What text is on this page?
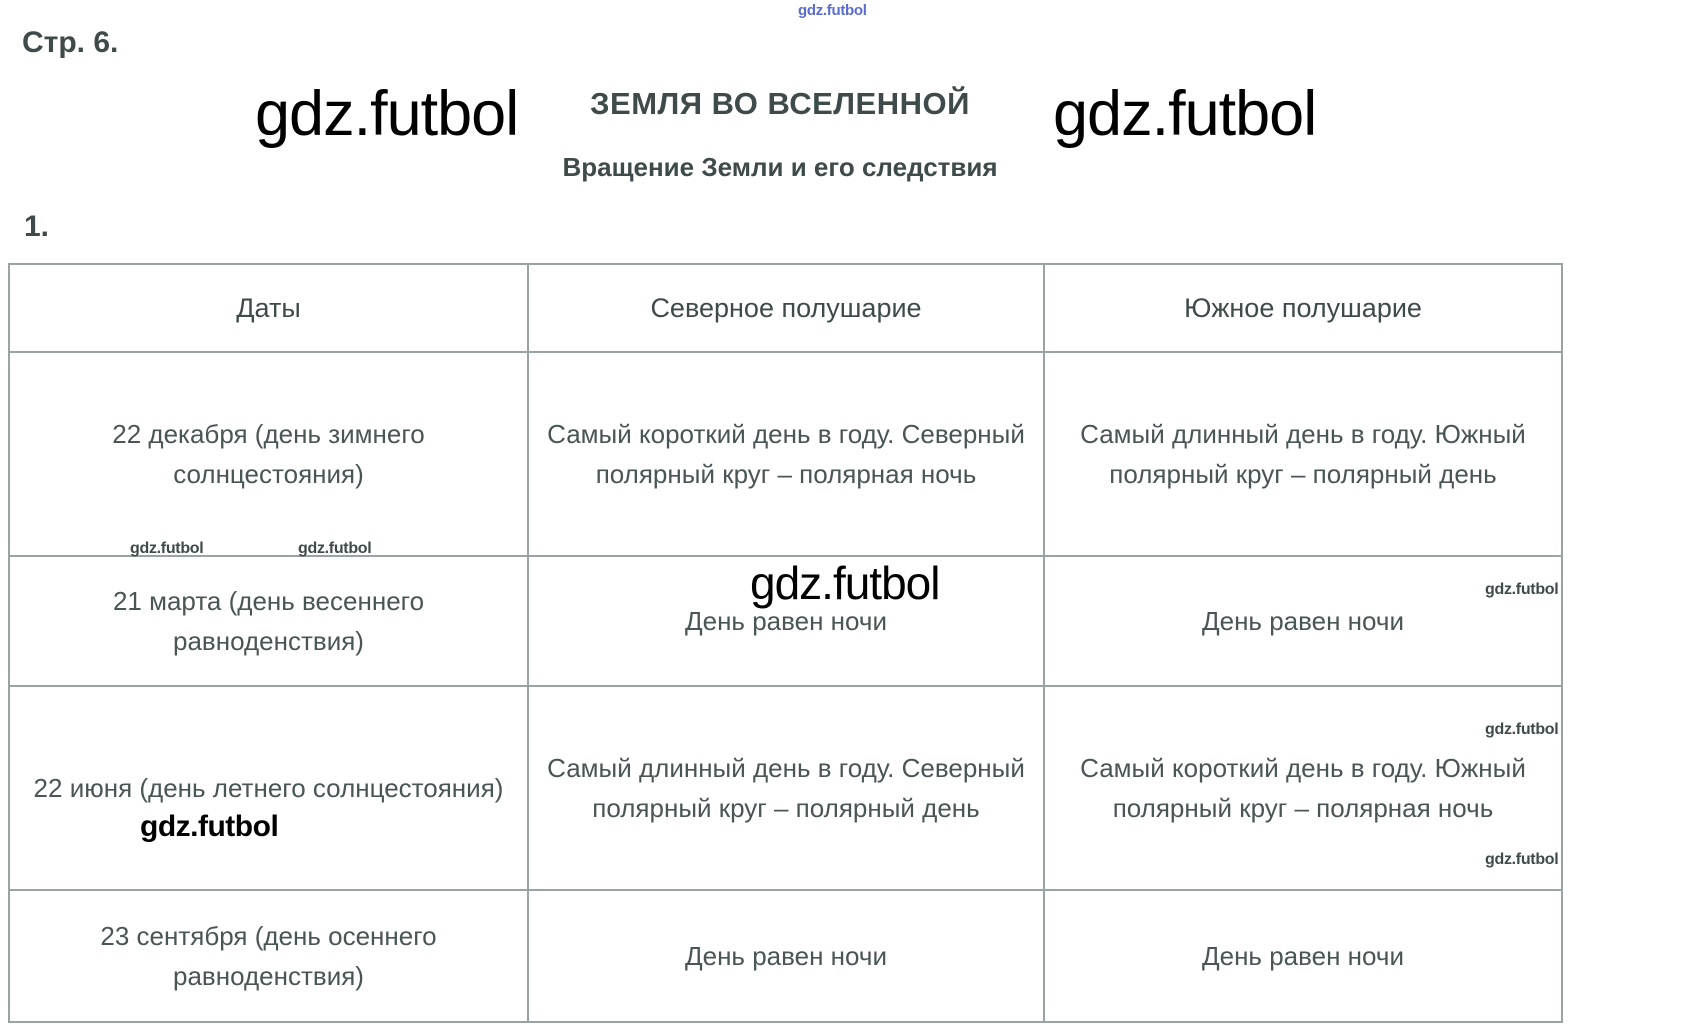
gdz.futbol
Стр. 6.
ЗЕМЛЯ ВО ВСЕЛЕННОЙ
Вращение Земли и его следствия
1.
Даты	Северное полушарие	Южное полушарие
22 декабря (день зимнего солнцестояния)	Самый короткий день в году. Северный полярный круг – полярная ночь	Самый длинный день в году. Южный полярный круг – полярный день
21 марта (день весеннего равноденствия)	День равен ночи	День равен ночи
22 июня (день летнего солнцестояния)	Самый длинный день в году. Северный полярный круг – полярный день	Самый короткий день в году. Южный полярный круг – полярная ночь
23 сентября (день осеннего равноденствия)	День равен ночи	День равен ночи
gdz.futbol	gdz.futbol
gdz.futbol
gdz.futbol
gdz.futbol	gdz.futbol
gdz.futbol
gdz.futbol
gdz.futbol
